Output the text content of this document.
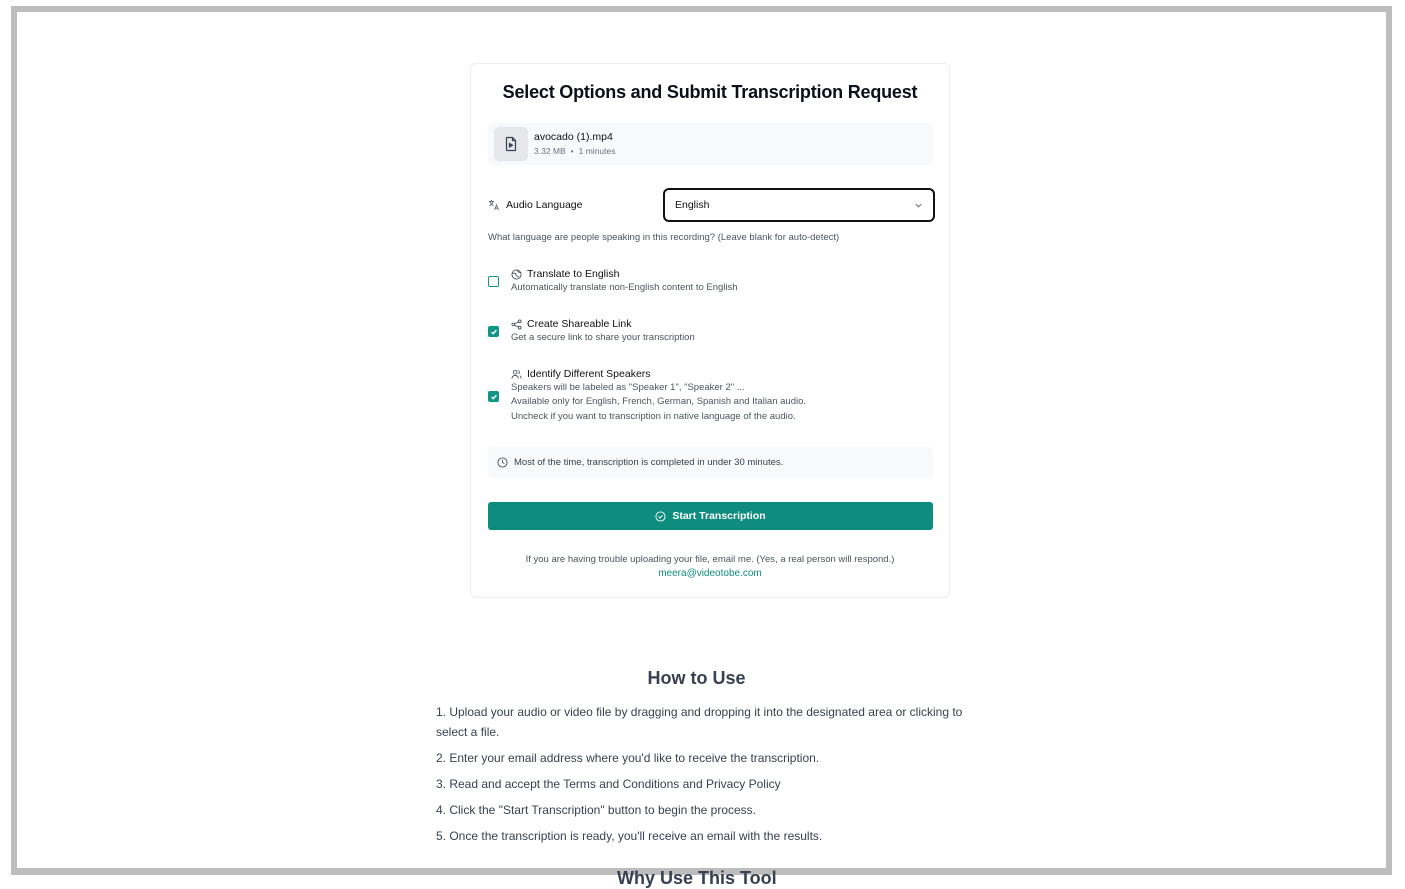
Select Options and Submit Transcription Request
avocado (1).mp4
3.32 MB • 1 minutes
Audio Language	English
What language are people speaking in this recording? (Leave blank for auto-detect)
Translate to English
Automatically translate non-English content to English
Create Shareable Link
Get a secure link to share your transcription
Identify Different Speakers
Speakers will be labeled as "Speaker 1", "Speaker 2" ...
Available only for English, French, German, Spanish and Italian audio.
Uncheck if you want to transcription in native language of the audio.
Most of the time, transcription is completed in under 30 minutes.
Start Transcription
If you are having trouble uploading your file, email me. (Yes, a real person will respond.)
meera@videotobe.com
How to Use
1. Upload your audio or video file by dragging and dropping it into the designated area or clicking to select a file.
2. Enter your email address where you'd like to receive the transcription.
3. Read and accept the Terms and Conditions and Privacy Policy
4. Click the "Start Transcription" button to begin the process.
5. Once the transcription is ready, you'll receive an email with the results.
Why Use This Tool
